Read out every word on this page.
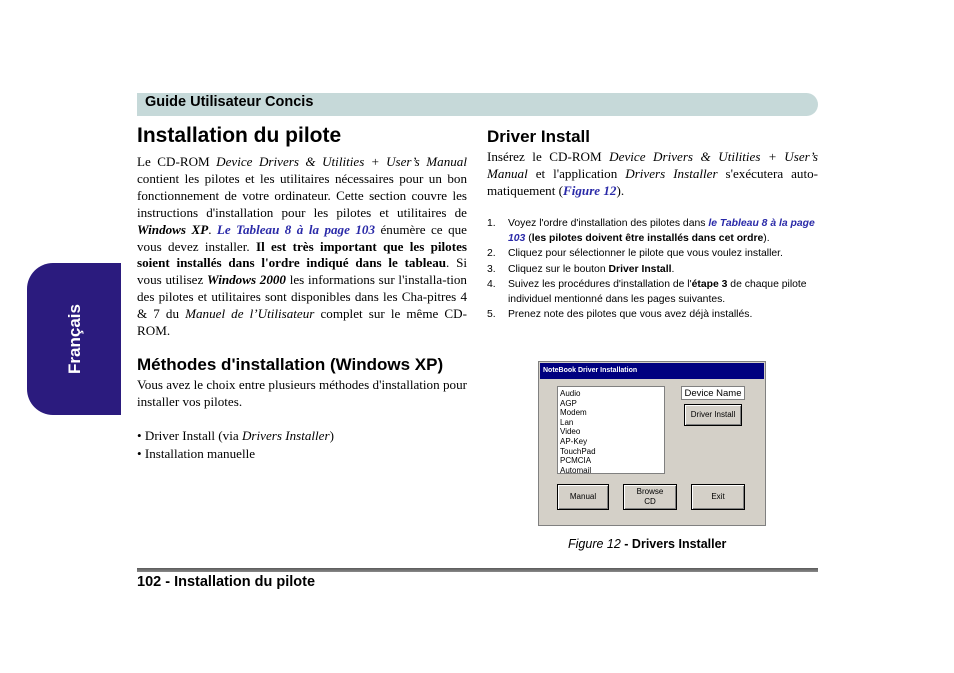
Guide Utilisateur Concis
Français
Installation du pilote
Le CD-ROM Device Drivers & Utilities + User’s Manual contient les pilotes et les utilitaires nécessaires pour un bon fonctionnement de votre ordinateur. Cette section couvre les instructions d'installation pour les pilotes et utilitaires de Windows XP. Le Tableau 8 à la page 103 énumère ce que vous devez installer. Il est très important que les pilotes soient installés dans l'ordre indiqué dans le tableau. Si vous utilisez Windows 2000 les informations sur l'installa-tion des pilotes et utilitaires sont disponibles dans les Cha-pitres 4 & 7 du Manuel de l’Utilisateur complet sur le même CD-ROM.
Méthodes d'installation (Windows XP)
Vous avez le choix entre plusieurs méthodes d'installation pour installer vos pilotes.
• Driver Install (via Drivers Installer)
• Installation manuelle
Driver Install
Insérez le CD-ROM Device Drivers & Utilities + User’s Manual et l'application Drivers Installer s'exécutera auto-matiquement (Figure 12).
1. Voyez l'ordre d'installation des pilotes dans le Tableau 8 à la page 103 (les pilotes doivent être installés dans cet ordre).
2. Cliquez pour sélectionner le pilote que vous voulez installer.
3. Cliquez sur le bouton Driver Install.
4. Suivez les procédures d'installation de l'étape 3 de chaque pilote individuel mentionné dans les pages suivantes.
5. Prenez note des pilotes que vous avez déjà installés.
NoteBook Driver Installation
Audio
AGP
Modem
Lan
Video
AP-Key
TouchPad
PCMCIA
Automail
Device Name
Driver Install
Manual
Browse
CD
Exit
Figure 12 - Drivers Installer
102 - Installation du pilote
